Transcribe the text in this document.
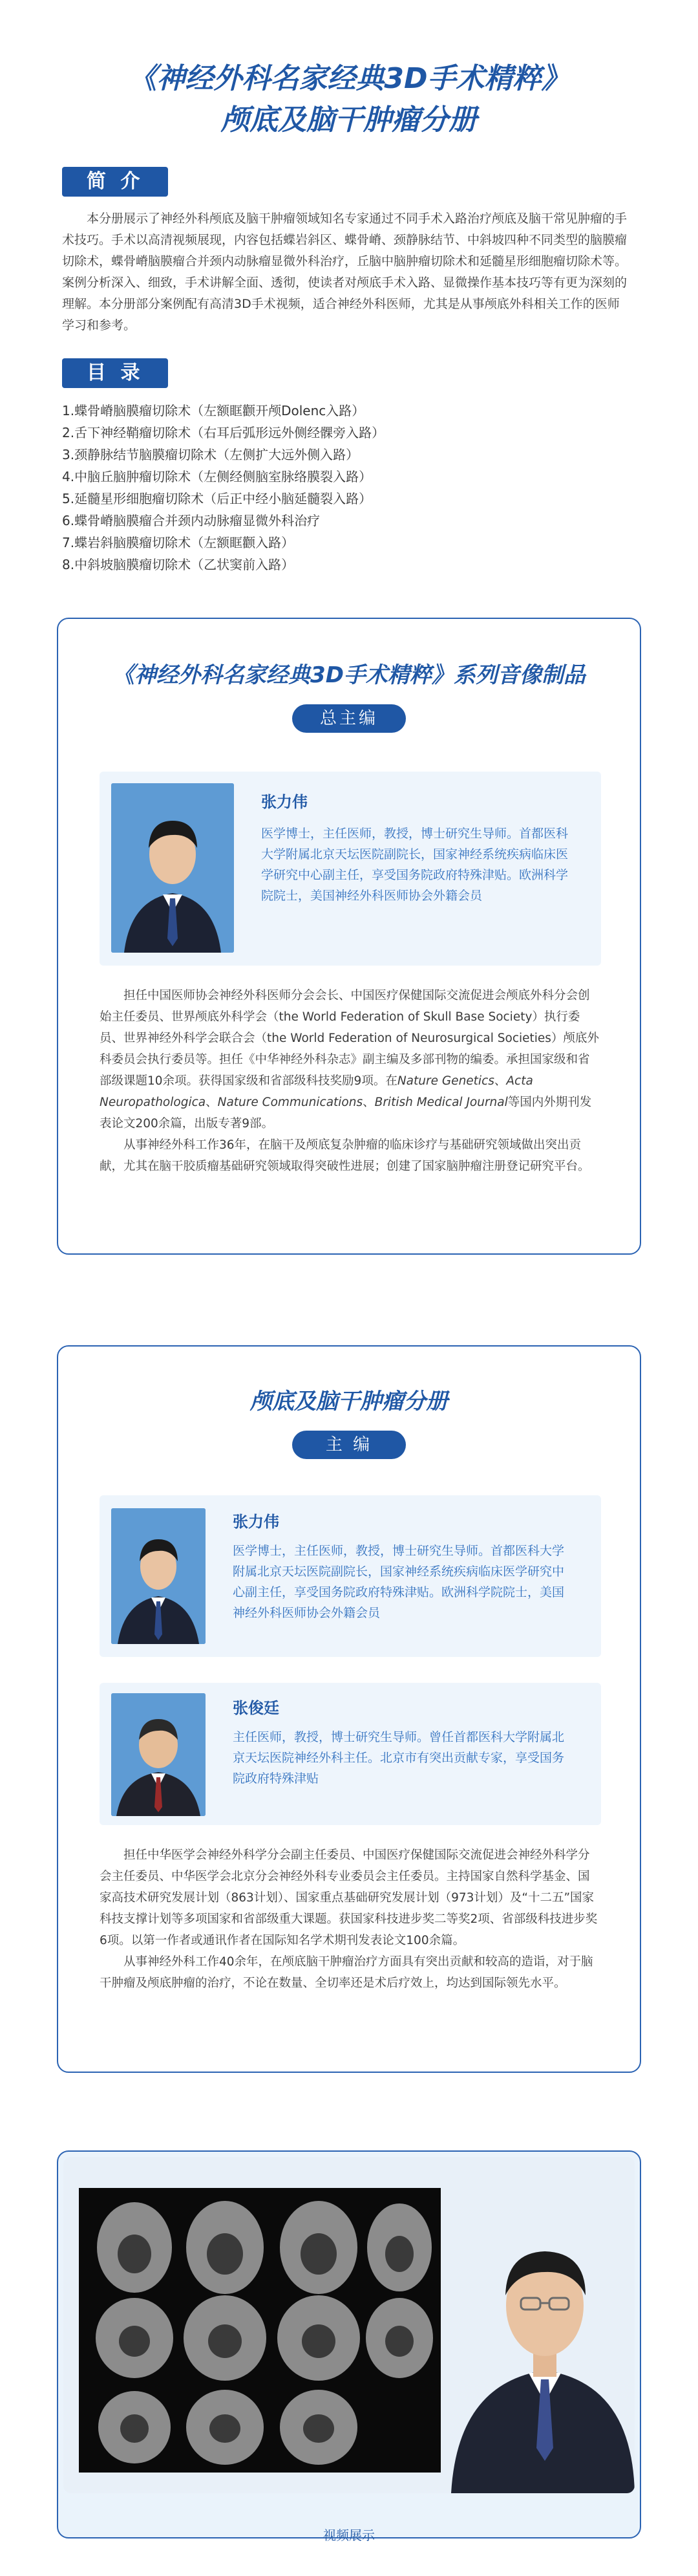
《神经外科名家经典3D手术精粹》
颅底及脑干肿瘤分册
简 介

本分册展示了神经外科颅底及脑干肿瘤领域知名专家通过不同手术入路治疗颅底及脑干常见肿瘤的手术技巧。手术以高清视频展现，内容包括蝶岩斜区、蝶骨嵴、颈静脉结节、中斜坡四种不同类型的脑膜瘤切除术，蝶骨嵴脑膜瘤合并颈内动脉瘤显微外科治疗，丘脑中脑肿瘤切除术和延髓星形细胞瘤切除术等。案例分析深入、细致，手术讲解全面、透彻，使读者对颅底手术入路、显微操作基本技巧等有更为深刻的理解。本分册部分案例配有高清3D手术视频，适合神经外科医师，尤其是从事颅底外科相关工作的医师学习和参考。

目 录
1.蝶骨嵴脑膜瘤切除术（左额眶颧开颅Dolenc入路）
2.舌下神经鞘瘤切除术（右耳后弧形远外侧经髁旁入路）
3.颈静脉结节脑膜瘤切除术（左侧扩大远外侧入路）
4.中脑丘脑肿瘤切除术（左侧经侧脑室脉络膜裂入路）
5.延髓星形细胞瘤切除术（后正中经小脑延髓裂入路）
6.蝶骨嵴脑膜瘤合并颈内动脉瘤显微外科治疗
7.蝶岩斜脑膜瘤切除术（左额眶颧入路）
8.中斜坡脑膜瘤切除术（乙状窦前入路）
《神经外科名家经典3D手术精粹》系列音像制品
总主编
张力伟
医学博士，主任医师，教授，博士研究生导师。首都医科大学附属北京天坛医院副院长，国家神经系统疾病临床医学研究中心副主任，享受国务院政府特殊津贴。欧洲科学院院士，美国神经外科医师协会外籍会员

担任中国医师协会神经外科医师分会会长、中国医疗保健国际交流促进会颅底外科分会创始主任委员、世界颅底外科学会（the World Federation of Skull Base Society）执行委员、世界神经外科学会联合会（the World Federation of Neurosurgical Societies）颅底外科委员会执行委员等。担任《中华神经外科杂志》副主编及多部刊物的编委。承担国家级和省部级课题10余项。获得国家级和省部级科技奖励9项。在Nature Genetics、Acta Neuropathologica、Nature Communications、British Medical Journal等国内外期刊发表论文200余篇，出版专著9部。

从事神经外科工作36年，在脑干及颅底复杂肿瘤的临床诊疗与基础研究领域做出突出贡献，尤其在脑干胶质瘤基础研究领域取得突破性进展；创建了国家脑肿瘤注册登记研究平台。

颅底及脑干肿瘤分册
主 编
张力伟
医学博士，主任医师，教授，博士研究生导师。首都医科大学附属北京天坛医院副院长，国家神经系统疾病临床医学研究中心副主任，享受国务院政府特殊津贴。欧洲科学院院士，美国神经外科医师协会外籍会员
张俊廷
主任医师，教授，博士研究生导师。曾任首都医科大学附属北京天坛医院神经外科主任。北京市有突出贡献专家，享受国务院政府特殊津贴

担任中华医学会神经外科学分会副主任委员、中国医疗保健国际交流促进会神经外科学分会主任委员、中华医学会北京分会神经外科专业委员会主任委员。主持国家自然科学基金、国家高技术研究发展计划（863计划）、国家重点基础研究发展计划（973计划）及“十二五”国家科技支撑计划等多项国家和省部级重大课题。获国家科技进步奖二等奖2项、省部级科技进步奖6项。以第一作者或通讯作者在国际知名学术期刊发表论文100余篇。

从事神经外科工作40余年，在颅底脑干肿瘤治疗方面具有突出贡献和较高的造诣，对于脑干肿瘤及颅底肿瘤的治疗，不论在数量、全切率还是术后疗效上，均达到国际领先水平。

视频展示
